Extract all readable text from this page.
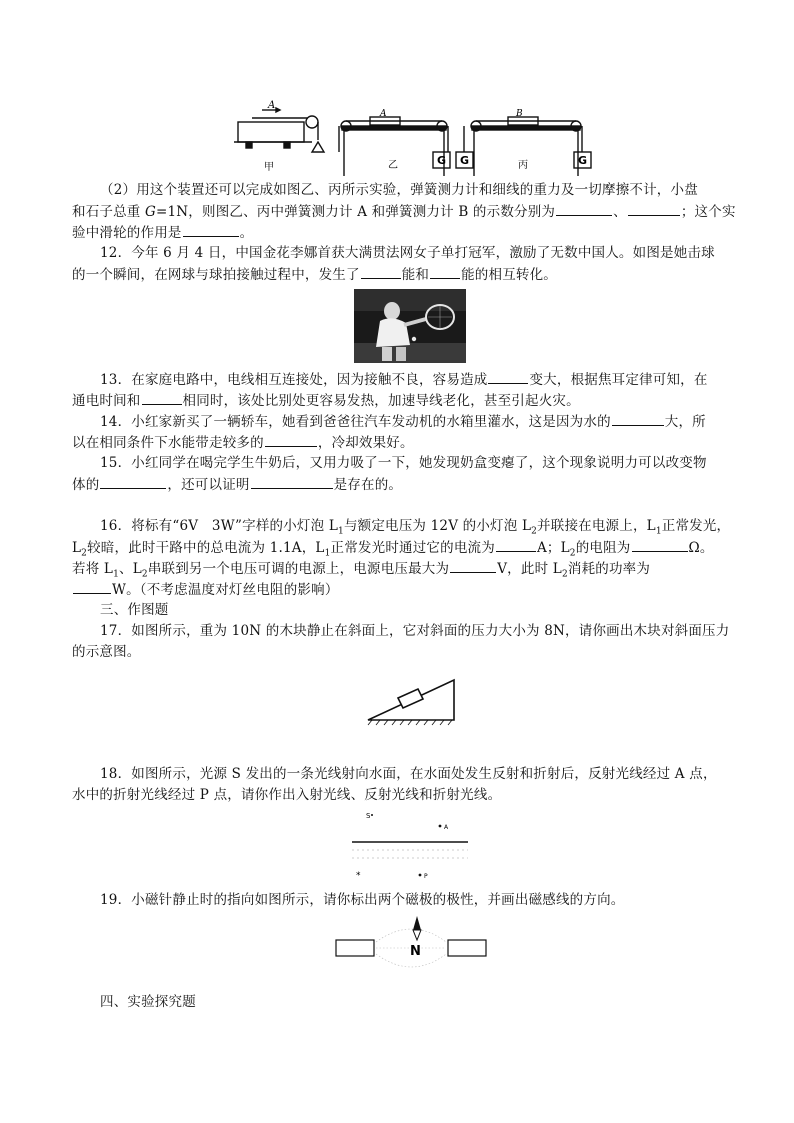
A
甲
A
乙	G
B
丙
G	G
（2）用这个装置还可以完成如图乙、丙所示实验，弹簧测力计和细线的重力及一切摩擦不计，小盘
和石子总重 G=1N，则图乙、丙中弹簧测力计 A 和弹簧测力计 B 的示数分别为	、	；这个实
验中滑轮的作用是	。
12．今年 6 月 4 日，中国金花李娜首获大满贯法网女子单打冠军，激励了无数中国人。如图是她击球
的一个瞬间，在网球与球拍接触过程中，发生了	能和 能的相互转化。
13．在家庭电路中，电线相互连接处，因为接触不良，容易造成	变大，根据焦耳定律可知，在
通电时间和	相同时，该处比别处更容易发热，加速导线老化，甚至引起火灾。
14．小红家新买了一辆轿车，她看到爸爸往汽车发动机的水箱里灌水，这是因为水的	大，所
以在相同条件下水能带走较多的	，冷却效果好。
15．小红同学在喝完学生牛奶后，又用力吸了一下，她发现奶盒变瘪了，这个现象说明力可以改变物
体的	，还可以证明	是存在的。
16．将标有“6V　3W”字样的小灯泡 $L_1$与额定电压为 12V 的小灯泡 $L_2$并联接在电源上，$L_1$正常发光，
$L_2$较暗，此时干路中的总电流为 1.1A，$L_1$正常发光时通过它的电流为	A；$L_2$的电阻为	Ω。
若将 $L_1$、$L_2$串联到另一个电压可调的电源上，电源电压最大为	V，此时 $L_2$消耗的功率为
W。（不考虑温度对灯丝电阻的影响）
三、作图题
17．如图所示，重为 10N 的木块静止在斜面上，它对斜面的压力大小为 8N，请你画出木块对斜面压力
的示意图。
18．如图所示，光源 S 发出的一条光线射向水面，在水面处发生反射和折射后，反射光线经过 A 点，
水中的折射光线经过 P 点，请你作出入射光线、反射光线和折射光线。
S
A
*	P
19．小磁针静止时的指向如图所示，请你标出两个磁极的极性，并画出磁感线的方向。
N
四、实验探究题
